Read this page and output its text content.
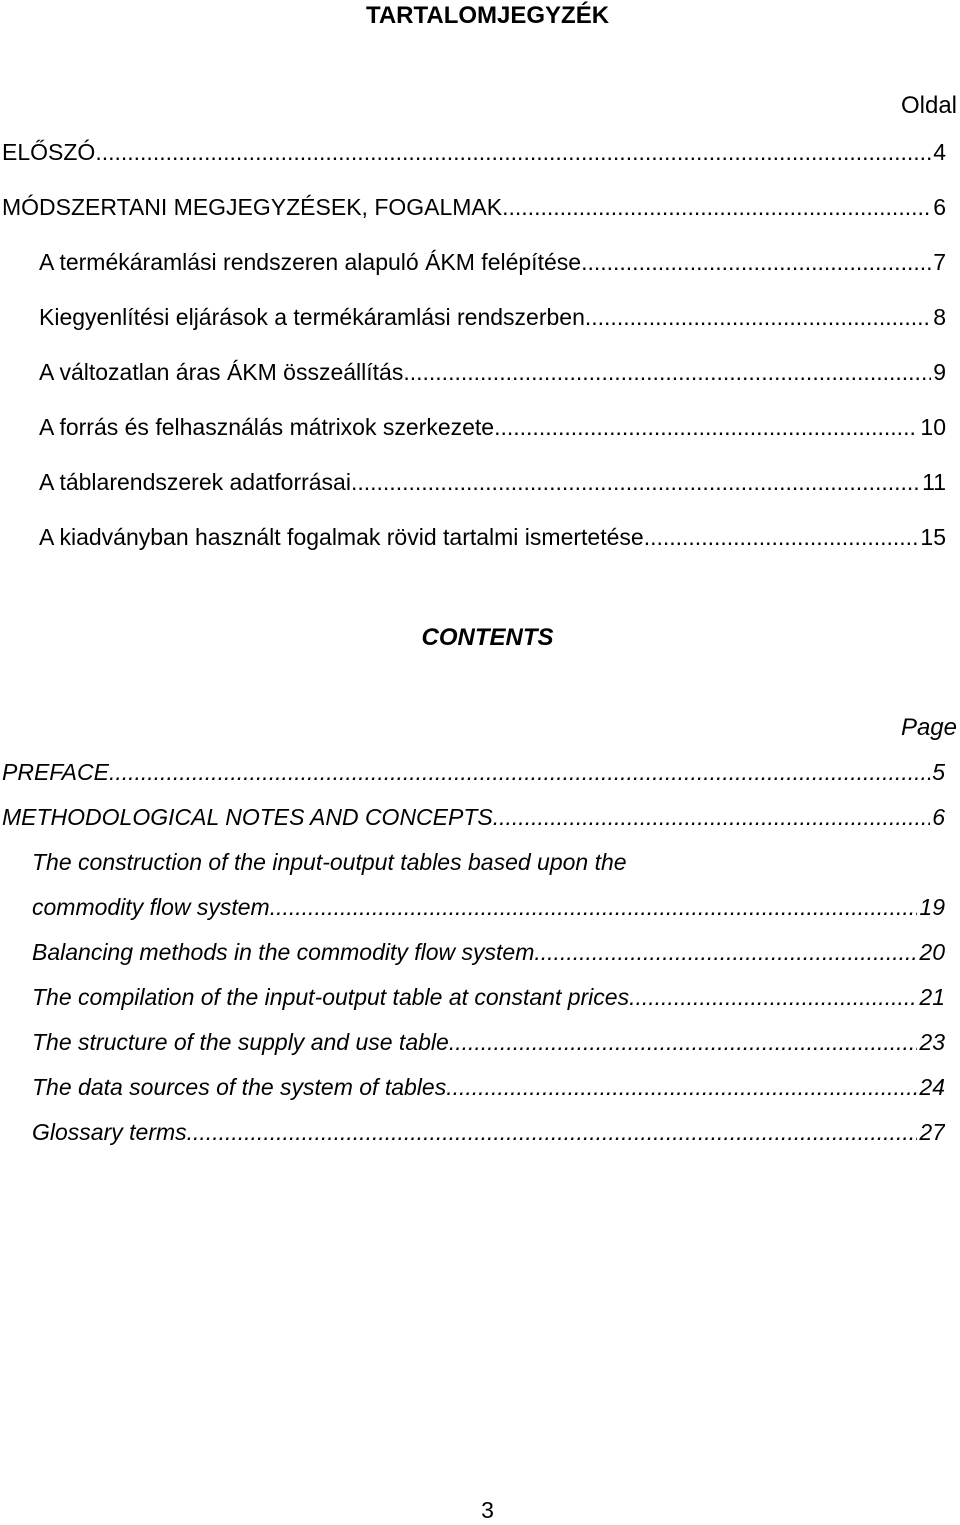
TARTALOMJEGYZÉK
Oldal
ELŐSZÓ .....	4
MÓDSZERTANI MEGJEGYZÉSEK, FOGALMAK .....	6
A termékáramlási rendszeren alapuló ÁKM felépítése .....	7
Kiegyenlítési eljárások a termékáramlási rendszerben .....	8
A változatlan áras ÁKM összeállítás .....	9
A forrás és felhasználás mátrixok szerkezete .....	10
A táblarendszerek adatforrásai .....	11
A kiadványban használt fogalmak rövid tartalmi ismertetése .....	15
CONTENTS
Page
PREFACE .....	5
METHODOLOGICAL NOTES AND CONCEPTS .....	6
The construction of the input-output tables based upon the
commodity flow system .....	19
Balancing methods in the commodity flow system .....	20
The compilation of the input-output table at constant prices .....	21
The structure of the supply and use table .....	23
The data sources of the system of tables .....	24
Glossary terms .....	27
3
